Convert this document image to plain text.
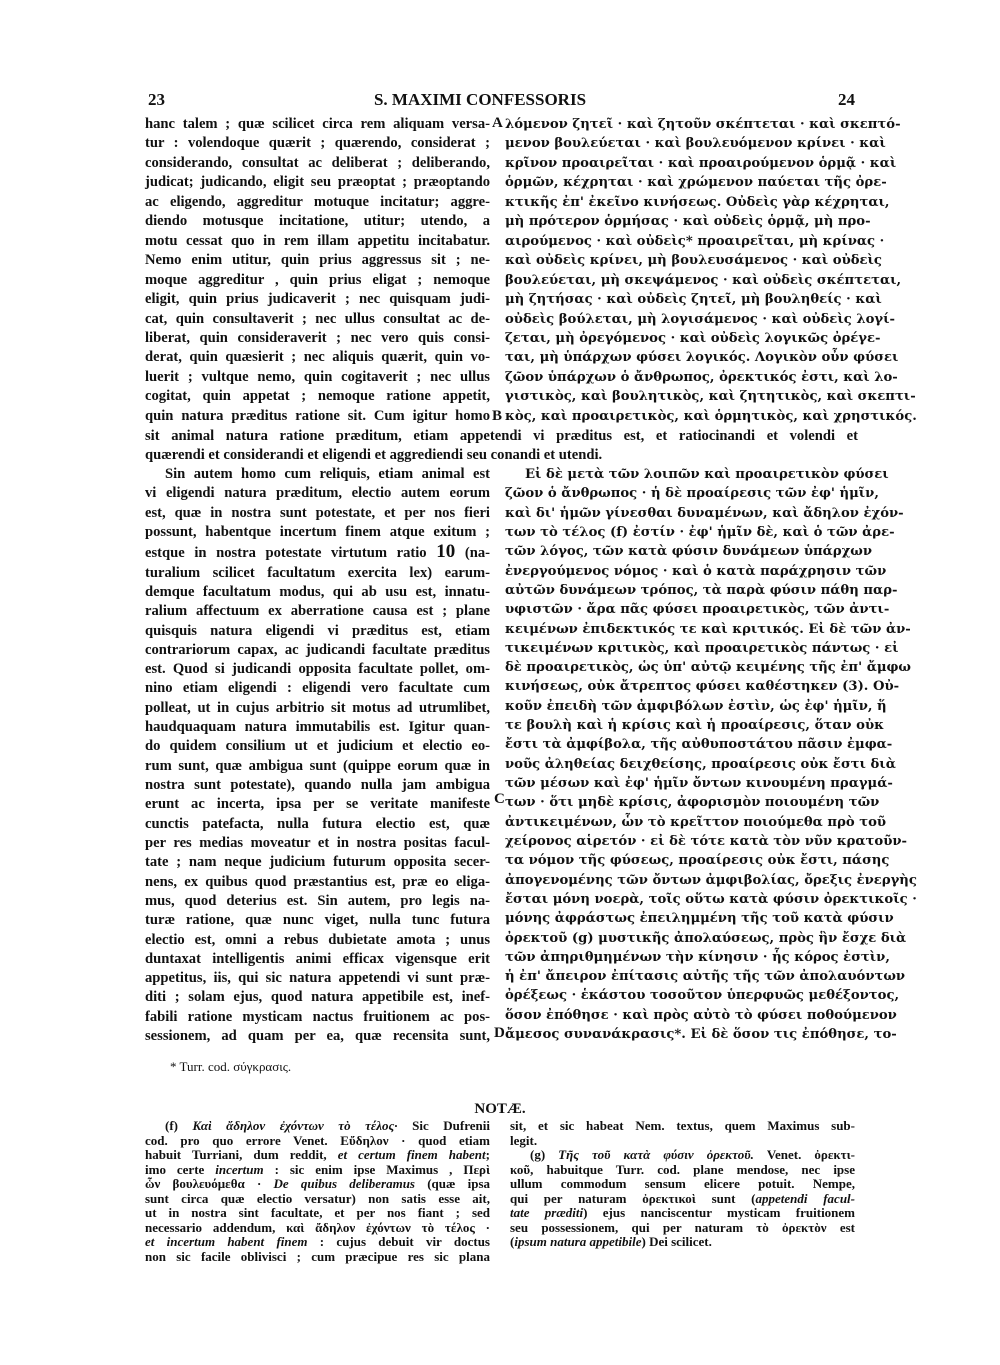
23	S. MAXIMI CONFESSORIS	24
hanc talem ; quæ scilicet circa rem aliquam versa-
tur : volendoque quærit ; quærendo, considerat ;
considerando, consultat ac deliberat ; deliberando,
judicat; judicando, eligit seu præoptat ; præoptando
ac eligendo, aggreditur motuque incitatur; aggre-
diendo motusque incitatione, utitur; utendo, a
motu cessat quo in rem illam appetitu incitabatur.
Nemo enim utitur, quin prius aggressus sit ; ne-
moque aggreditur , quin prius eligat ; nemoque
eligit, quin prius judicaverit ; nec quisquam judi-
cat, quin consultaverit ; nec ullus consultat ac de-
liberat, quin consideraverit ; nec vero quis consi-
derat, quin quæsierit ; nec aliquis quærit, quin vo-
luerit ; vultque nemo, quin cogitaverit ; nec ullus
cogitat, quin appetat ; nemoque ratione appetit,
quin natura præditus ratione sit. Cum igitur homo
λόμενον ζητεῖ · καὶ ζητοῦν σκέπτεται · καὶ σκεπτό-
μενον βουλεύεται · καὶ βουλευόμενον κρίνει · καὶ
κρῖνον προαιρεῖται · καὶ προαιρούμενον ὁρμᾷ · καὶ
ὁρμῶν, κέχρηται · καὶ χρώμενον παύεται τῆς ὀρε-
κτικῆς ἐπ' ἐκεῖνο κινήσεως. Οὐδεὶς γὰρ κέχρηται,
μὴ πρότερον ὁρμήσας · καὶ οὐδεὶς ὁρμᾷ, μὴ προ-
αιρούμενος · καὶ οὐδεὶς* προαιρεῖται, μὴ κρίνας ·
καὶ οὐδεὶς κρίνει, μὴ βουλευσάμενος · καὶ οὐδεὶς
βουλεύεται, μὴ σκεψάμενος · καὶ οὐδεὶς σκέπτεται,
μὴ ζητήσας · καὶ οὐδεὶς ζητεῖ, μὴ βουληθείς · καὶ
οὐδεὶς βούλεται, μὴ λογισάμενος · καὶ οὐδεὶς λογί-
ζεται, μὴ ὀρεγόμενος · καὶ οὐδεὶς λογικῶς ὀρέγε-
ται, μὴ ὑπάρχων φύσει λογικός. Λογικὸν οὖν φύσει
ζῶον ὑπάρχων ὁ ἄνθρωπος, ὀρεκτικός ἐστι, καὶ λο-
γιστικὸς, καὶ βουλητικὸς, καὶ ζητητικὸς, καὶ σκεπτι-
κὸς, καὶ προαιρετικὸς, καὶ ὁρμητικὸς, καὶ χρηστικός.
sit animal natura ratione præditum, etiam appetendi vi præditus est, et ratiocinandi et volendi et
quærendi et considerandi et eligendi et aggrediendi seu conandi et utendi.
Sin autem homo cum reliquis, etiam animal est
vi eligendi natura præditum, electio autem eorum
est, quæ in nostra sunt potestate, et per nos fieri
possunt, habentque incertum finem atque exitum ;
estque in nostra potestate virtutum ratio 10 (na-
turalium scilicet facultatum exercita lex) earum-
demque facultatum modus, qui ab usu est, innatu-
ralium affectuum ex aberratione causa est ; plane
quisquis natura eligendi vi præditus est, etiam
contrariorum capax, ac judicandi facultate præditus
est. Quod si judicandi opposita facultate pollet, om-
nino etiam eligendi : eligendi vero facultate cum
polleat, ut in cujus arbitrio sit motus ad utrumlibet,
haudquaquam natura immutabilis est. Igitur quan-
do quidem consilium ut et judicium et electio eo-
rum sunt, quæ ambigua sunt (quippe eorum quæ in
nostra sunt potestate), quando nulla jam ambigua
erunt ac incerta, ipsa per se veritate manifeste
cunctis patefacta, nulla futura electio est, quæ
per res medias moveatur et in nostra positas facul-
tate ; nam neque judicium futurum opposita secer-
nens, ex quibus quod præstantius est, præ eo eliga-
mus, quod deterius est. Sin autem, pro legis na-
turæ ratione, quæ nunc viget, nulla tunc futura
electio est, omni a rebus dubietate amota ; unus
duntaxat intelligentis animi efficax vigensque erit
appetitus, iis, qui sic natura appetendi vi sunt præ-
diti ; solam ejus, quod natura appetibile est, inef-
fabili ratione mysticam nactus fruitionem ac pos-
sessionem, ad quam per ea, quæ recensita sunt,
Εἰ δὲ μετὰ τῶν λοιπῶν καὶ προαιρετικὸν φύσει
ζῶον ὁ ἄνθρωπος · ἡ δὲ προαίρεσις τῶν ἐφ' ἡμῖν,
καὶ δι' ἡμῶν γίνεσθαι δυναμένων, καὶ ἄδηλον ἐχόν-
των τὸ τέλος (f) ἐστίν · ἐφ' ἡμῖν δὲ, καὶ ὁ τῶν ἀρε-
τῶν λόγος, τῶν κατὰ φύσιν δυνάμεων ὑπάρχων
ἐνεργούμενος νόμος · καὶ ὁ κατὰ παράχρησιν τῶν
αὐτῶν δυνάμεων τρόπος, τὰ παρὰ φύσιν πάθη παρ-
υφιστῶν · ἄρα πᾶς φύσει προαιρετικὸς, τῶν ἀντι-
κειμένων ἐπιδεκτικός τε καὶ κριτικός. Εἰ δὲ τῶν ἀν-
τικειμένων κριτικὸς, καὶ προαιρετικὸς πάντως · εἰ
δὲ προαιρετικὸς, ὡς ὑπ' αὐτῷ κειμένης τῆς ἐπ' ἄμφω
κινήσεως, οὐκ ἄτρεπτος φύσει καθέστηκεν (3). Οὐ-
κοῦν ἐπειδὴ τῶν ἀμφιβόλων ἐστὶν, ὡς ἐφ' ἡμῖν, ἥ
τε βουλὴ καὶ ἡ κρίσις καὶ ἡ προαίρεσις, ὅταν οὐκ
ἔστι τὰ ἀμφίβολα, τῆς αὐθυποστάτου πᾶσιν ἐμφα-
νοῦς ἀληθείας δειχθείσης, προαίρεσις οὐκ ἔστι διὰ
τῶν μέσων καὶ ἐφ' ἡμῖν ὄντων κινουμένη πραγμά-
των · ὅτι μηδὲ κρίσις, ἀφορισμὸν ποιουμένη τῶν
ἀντικειμένων, ὧν τὸ κρεῖττον ποιούμεθα πρὸ τοῦ
χείρονος αἱρετόν · εἰ δὲ τότε κατὰ τὸν νῦν κρατοῦν-
τα νόμον τῆς φύσεως, προαίρεσις οὐκ ἔστι, πάσης
ἀπογενομένης τῶν ὄντων ἀμφιβολίας, ὄρεξις ἐνεργὴς
ἔσται μόνη νοερὰ, τοῖς οὕτω κατὰ φύσιν ὀρεκτικοῖς ·
μόνης ἀφράστως ἐπειλημμένη τῆς τοῦ κατὰ φύσιν
ὀρεκτοῦ (g) μυστικῆς ἀπολαύσεως, πρὸς ἣν ἔσχε διὰ
τῶν ἀπηριθμημένων τὴν κίνησιν · ἧς κόρος ἐστὶν,
ἡ ἐπ' ἄπειρον ἐπίτασις αὐτῆς τῆς τῶν ἀπολαυόντων
ὀρέξεως · ἑκάστου τοσοῦτον ὑπερφυῶς μεθέξοντος,
ὅσον ἐπόθησε · καὶ πρὸς αὐτὸ τὸ φύσει ποθούμενον
ἄμεσος συνανάκρασις*. Εἰ δὲ ὅσον τις ἐπόθησε, το-
A
B
C
D
* Turr. cod. σύγκρασις.
NOTÆ.
(f) Καὶ ἄδηλον ἐχόντων τὸ τέλος· Sic Dufrenii
cod. pro quo errore Venet. Εὔδηλον · quod etiam
habuit Turriani, dum reddit, et certum finem habent;
imo certe incertum : sic enim ipse Maximus , Περὶ
ὧν βουλευόμεθα · De quibus deliberamus (quæ ipsa
sunt circa quæ electio versatur) non satis esse ait,
ut in nostra sint facultate, et per nos fiant ; sed
necessario addendum, καὶ ἄδηλον ἐχόντων τὸ τέλος ·
et incertum habent finem : cujus debuit vir doctus
non sic facile oblivisci ; cum præcipue res sic plana
sit, et sic habeat Nem. textus, quem Maximus sub-
legit.
(g) Τῆς τοῦ κατὰ φύσιν ὀρεκτοῦ. Venet. ὀρεκτι-
κοῦ, habuitque Turr. cod. plane mendose, nec ipse
ullum commodum sensum elicere potuit. Nempe,
qui per naturam ὀρεκτικοὶ sunt (appetendi facul-
tate præditi) ejus nanciscentur mysticam fruitionem
seu possessionem, qui per naturam τὸ ὀρεκτὸν est
(ipsum natura appetibile) Dei scilicet.
